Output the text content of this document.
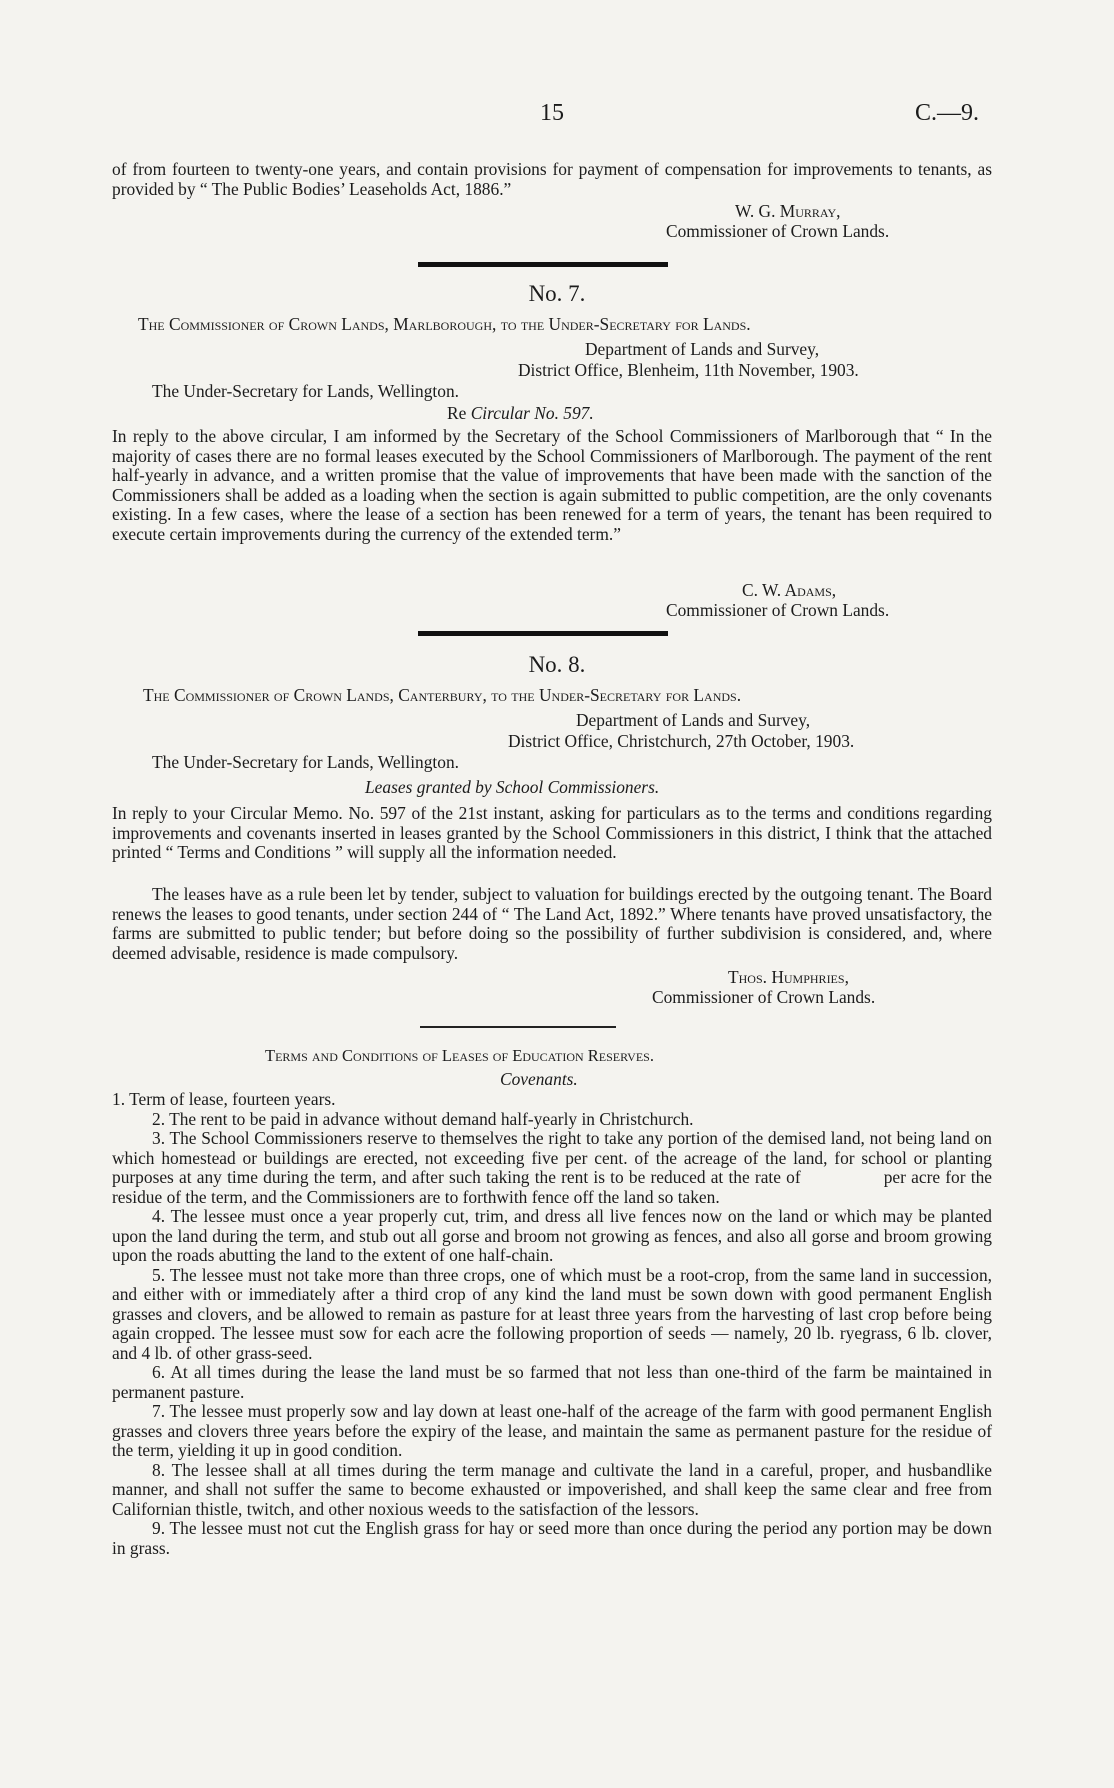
15	C.—9.

of from fourteen to twenty-one years, and contain provisions for payment of compensation for improvements to tenants, as provided by “ The Public Bodies’ Leaseholds Act, 1886.”

W. G. Murray,
Commissioner of Crown Lands.
No. 7.
The Commissioner of Crown Lands, Marlborough, to the Under-Secretary for Lands.
Department of Lands and Survey,
District Office, Blenheim, 11th November, 1903.
The Under-Secretary for Lands, Wellington.
Re Circular No. 597.

In reply to the above circular, I am informed by the Secretary of the School Commissioners of Marlborough that “ In the majority of cases there are no formal leases executed by the School Commissioners of Marlborough. The payment of the rent half-yearly in advance, and a written promise that the value of improvements that have been made with the sanction of the Commissioners shall be added as a loading when the section is again submitted to public competition, are the only covenants existing. In a few cases, where the lease of a section has been renewed for a term of years, the tenant has been required to execute certain improvements during the currency of the extended term.”

C. W. Adams,
Commissioner of Crown Lands.
No. 8.
The Commissioner of Crown Lands, Canterbury, to the Under-Secretary for Lands.
Department of Lands and Survey,
District Office, Christchurch, 27th October, 1903.
The Under-Secretary for Lands, Wellington.
Leases granted by School Commissioners.

In reply to your Circular Memo. No. 597 of the 21st instant, asking for particulars as to the terms and conditions regarding improvements and covenants inserted in leases granted by the School Commissioners in this district, I think that the attached printed “ Terms and Conditions ” will supply all the information needed.

The leases have as a rule been let by tender, subject to valuation for buildings erected by the outgoing tenant. The Board renews the leases to good tenants, under section 244 of “ The Land Act, 1892.” Where tenants have proved unsatisfactory, the farms are submitted to public tender; but before doing so the possibility of further subdivision is considered, and, where deemed advisable, residence is made compulsory.

Thos. Humphries,
Commissioner of Crown Lands.
Terms and Conditions of Leases of Education Reserves.
Covenants.

1. Term of lease, fourteen years.

2. The rent to be paid in advance without demand half-yearly in Christchurch.

3. The School Commissioners reserve to themselves the right to take any portion of the demised land, not being land on which homestead or buildings are erected, not exceeding five per cent. of the acreage of the land, for school or planting purposes at any time during the term, and after such taking the rent is to be reduced at the rate of                per acre for the residue of the term, and the Commissioners are to forthwith fence off the land so taken.

4. The lessee must once a year properly cut, trim, and dress all live fences now on the land or which may be planted upon the land during the term, and stub out all gorse and broom not growing as fences, and also all gorse and broom growing upon the roads abutting the land to the extent of one half-chain.

5. The lessee must not take more than three crops, one of which must be a root-crop, from the same land in succession, and either with or immediately after a third crop of any kind the land must be sown down with good permanent English grasses and clovers, and be allowed to remain as pasture for at least three years from the harvesting of last crop before being again cropped. The lessee must sow for each acre the following proportion of seeds — namely, 20 lb. ryegrass, 6 lb. clover, and 4 lb. of other grass-seed.

6. At all times during the lease the land must be so farmed that not less than one-third of the farm be maintained in permanent pasture.

7. The lessee must properly sow and lay down at least one-half of the acreage of the farm with good permanent English grasses and clovers three years before the expiry of the lease, and maintain the same as permanent pasture for the residue of the term, yielding it up in good condition.

8. The lessee shall at all times during the term manage and cultivate the land in a careful, proper, and husbandlike manner, and shall not suffer the same to become exhausted or impoverished, and shall keep the same clear and free from Californian thistle, twitch, and other noxious weeds to the satisfaction of the lessors.

9. The lessee must not cut the English grass for hay or seed more than once during the period any portion may be down in grass.
